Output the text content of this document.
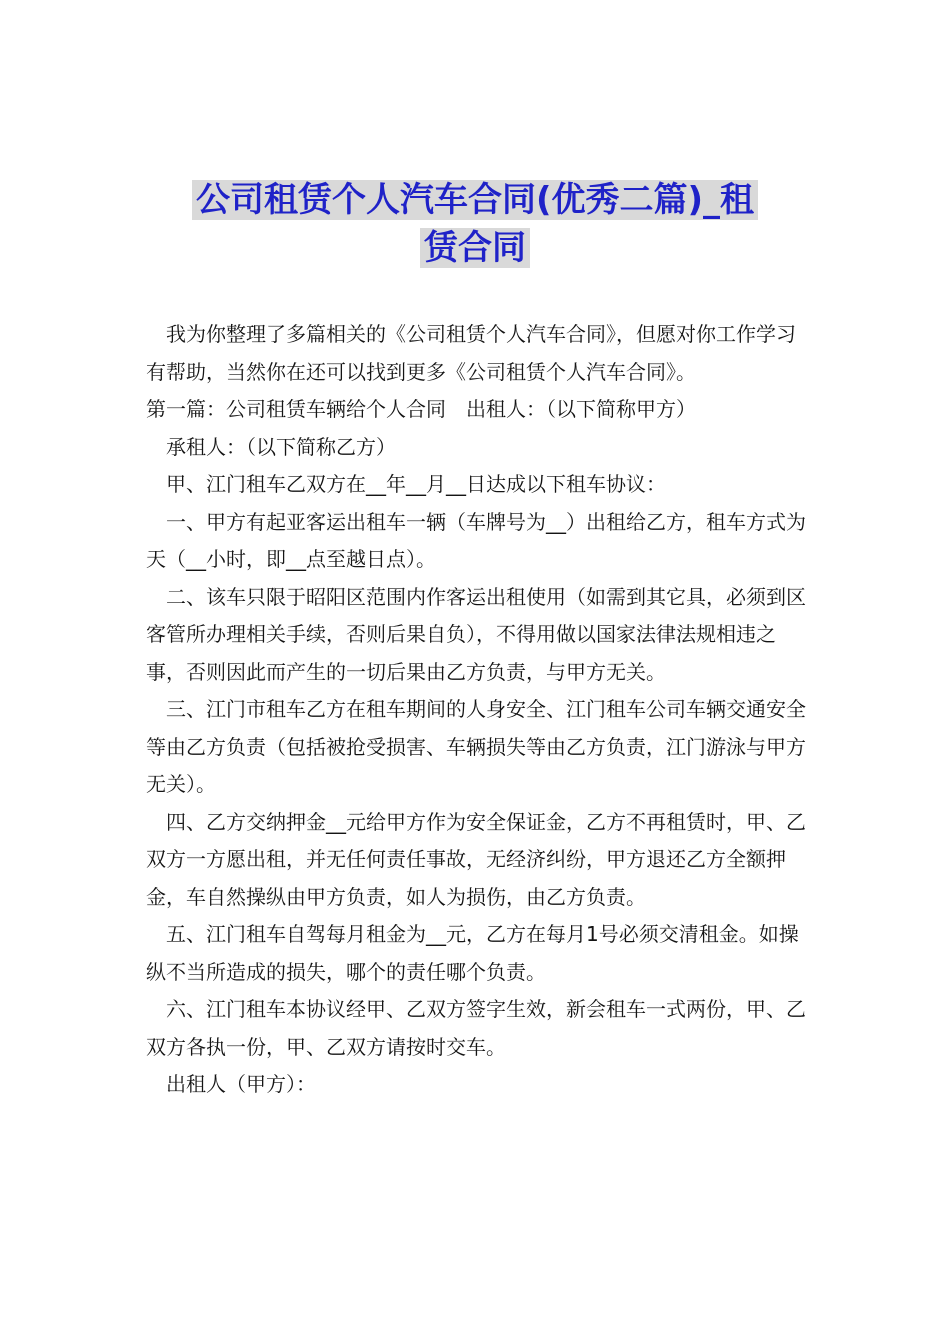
公司租赁个人汽车合同(优秀二篇)_租
赁合同

我为你整理了多篇相关的《公司租赁个人汽车合同》，但愿对你工作学习有帮助，当然你在还可以找到更多《公司租赁个人汽车合同》。

第一篇：公司租赁车辆给个人合同　出租人：（以下简称甲方）

承租人：（以下简称乙方）

甲、江门租车乙双方在__年__月__日达成以下租车协议：

一、甲方有起亚客运出租车一辆（车牌号为__）出租给乙方，租车方式为天（__小时，即__点至越日点）。

二、该车只限于昭阳区范围内作客运出租使用（如需到其它具，必须到区客管所办理相关手续，否则后果自负），不得用做以国家法律法规相违之事，否则因此而产生的一切后果由乙方负责，与甲方无关。

三、江门市租车乙方在租车期间的人身安全、江门租车公司车辆交通安全等由乙方负责（包括被抢受损害、车辆损失等由乙方负责，江门游泳与甲方无关）。

四、乙方交纳押金__元给甲方作为安全保证金，乙方不再租赁时，甲、乙双方一方愿出租，并无任何责任事故，无经济纠纷，甲方退还乙方全额押金，车自然操纵由甲方负责，如人为损伤，由乙方负责。

五、江门租车自驾每月租金为__元，乙方在每月1号必须交清租金。如操纵不当所造成的损失，哪个的责任哪个负责。

六、江门租车本协议经甲、乙双方签字生效，新会租车一式两份，甲、乙双方各执一份，甲、乙双方请按时交车。

出租人（甲方）：
